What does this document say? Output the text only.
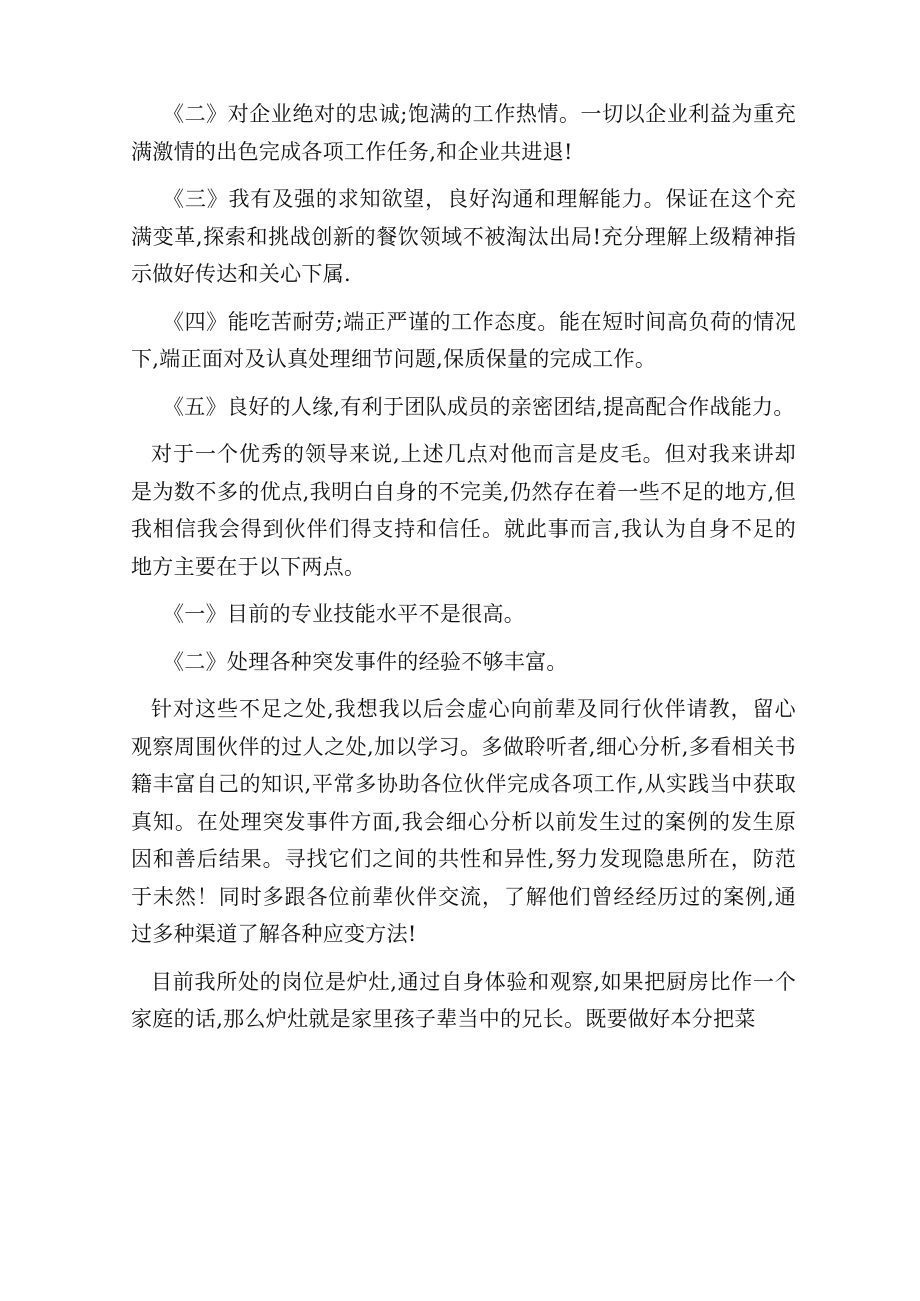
《二》对企业绝对的忠诚;饱满的工作热情。一切以企业利益为重充满激情的出色完成各项工作任务,和企业共进退!

《三》我有及强的求知欲望，良好沟通和理解能力。保证在这个充满变革,探索和挑战创新的餐饮领域不被淘汰出局!充分理解上级精神指示做好传达和关心下属.

《四》能吃苦耐劳;端正严谨的工作态度。能在短时间高负荷的情况下,端正面对及认真处理细节问题,保质保量的完成工作。

《五》良好的人缘,有利于团队成员的亲密团结,提高配合作战能力。

对于一个优秀的领导来说,上述几点对他而言是皮毛。但对我来讲却是为数不多的优点,我明白自身的不完美,仍然存在着一些不足的地方,但我相信我会得到伙伴们得支持和信任。就此事而言,我认为自身不足的地方主要在于以下两点。

《一》目前的专业技能水平不是很高。

《二》处理各种突发事件的经验不够丰富。

针对这些不足之处,我想我以后会虚心向前辈及同行伙伴请教，留心观察周围伙伴的过人之处,加以学习。多做聆听者,细心分析,多看相关书籍丰富自己的知识,平常多协助各位伙伴完成各项工作,从实践当中获取真知。在处理突发事件方面,我会细心分析以前发生过的案例的发生原因和善后结果。寻找它们之间的共性和异性,努力发现隐患所在，防范于未然！同时多跟各位前辈伙伴交流，了解他们曾经经历过的案例,通过多种渠道了解各种应变方法!

目前我所处的岗位是炉灶,通过自身体验和观察,如果把厨房比作一个家庭的话,那么炉灶就是家里孩子辈当中的兄长。既要做好本分把菜
